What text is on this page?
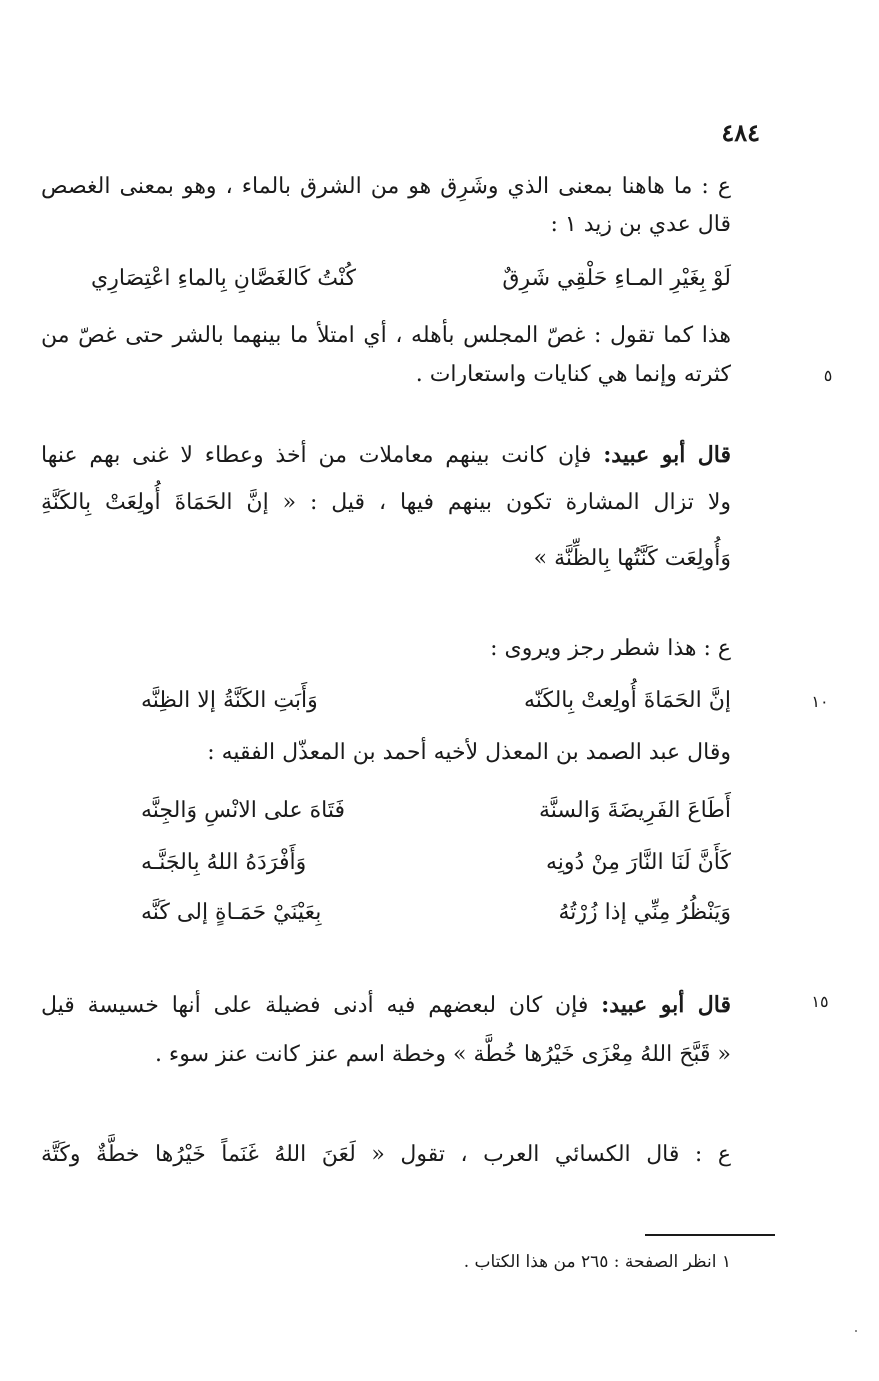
٤٨٤
ع : ما هاهنا بمعنى الذي وشَرِق هو من الشرق بالماء ، وهو بمعنى الغصص
قال عدي بن زيد ١ :
لَوْ بِغَيْرِ المـاءِ حَلْقِي شَرِقٌ
كُنْتُ كَالغَصَّانِ بِالماءِ اعْتِصَارِي
هذا كما تقول : غصّ المجلس بأهله ، أي امتلأ ما بينهما بالشر حتى غصّ من
كثرته وإنما هي كنايات واستعارات .	٥
قال أبو عبيد: فإن كانت بينهم معاملات من أخذ وعطاء لا غنى بهم عنها
ولا تزال المشارة تكون بينهم فيها ، قيل : « إنَّ الحَمَاةَ أُولِعَتْ بِالكَنَّةِ
وَأُولِعَت كَنَّتُها بِالظِّنَّة »
ع : هذا شطر رجز ويروى :
إنَّ الحَمَاةَ أُولِعتْ بِالكَنّه
وَأَبَتِ الكَنَّةُ إلا الظِنَّه	١٠
وقال عبد الصمد بن المعذل لأخيه أحمد بن المعذّل الفقيه :
أَطَاعَ الفَرِيضَةَ وَالسنَّة
فَتَاهَ على الانْسِ وَالجِنَّه
كَأَنَّ لَنَا النَّارَ مِنْ دُونِه
وَأَفْرَدَهُ اللهُ بِالجَنَّـه
وَيَنْظُرُ مِنِّي إذا زُرْتُهُ
بِعَيْنَيْ حَمَـاةٍ إلى كَنَّه
قال أبو عبيد: فإن كان لبعضهم فيه أدنى فضيلة على أنها خسيسة قيل	١٥
« قَبَّحَ اللهُ مِعْزَى خَيْرُها خُطَّة » وخطة اسم عنز كانت عنز سوء .
ع : قال الكسائي العرب ، تقول « لَعَنَ اللهُ غَنَماً خَيْرُها خطَّةٌ وكَتَّة
١ انظر الصفحة : ٢٦٥ من هذا الكتاب .
